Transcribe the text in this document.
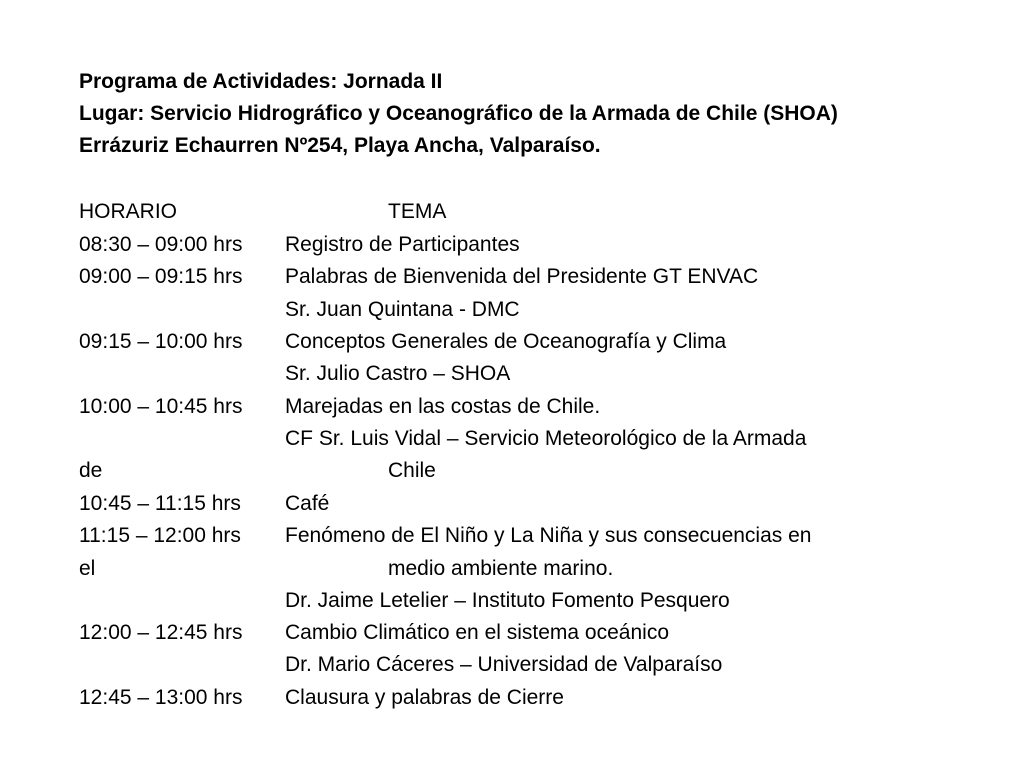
Programa de Actividades: Jornada II
Lugar: Servicio Hidrográfico y Oceanográfico de la Armada de Chile (SHOA)
Errázuriz Echaurren Nº254, Playa Ancha, Valparaíso.
HORARIO	TEMA
08:30 – 09:00 hrs Registro de Participantes
09:00 – 09:15 hrs Palabras de Bienvenida del Presidente GT ENVAC
Sr. Juan Quintana - DMC
09:15 – 10:00 hrs Conceptos Generales de Oceanografía y Clima
Sr. Julio Castro – SHOA
10:00 – 10:45 hrs Marejadas en las costas de Chile.
CF Sr. Luis Vidal – Servicio Meteorológico de la Armada
de	Chile
10:45 – 11:15 hrs Café
11:15 – 12:00 hrs Fenómeno de El Niño y La Niña y sus consecuencias en
el	medio ambiente marino.
Dr. Jaime Letelier – Instituto Fomento Pesquero
12:00 – 12:45 hrs Cambio Climático en el sistema oceánico
Dr. Mario Cáceres – Universidad de Valparaíso
12:45 – 13:00 hrs Clausura y palabras de Cierre
